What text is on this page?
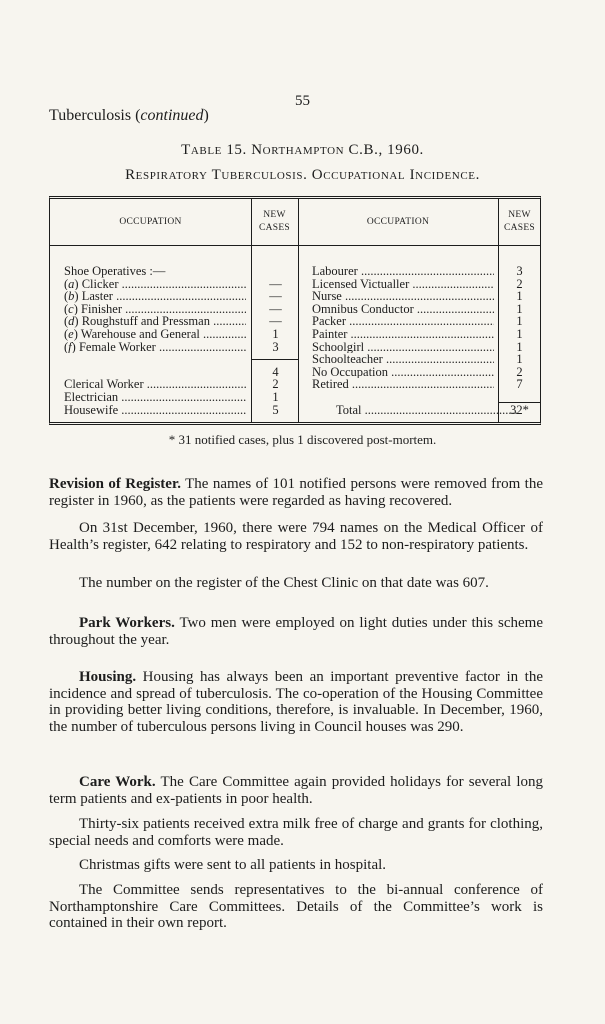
55
Tuberculosis (continued)
Table 15. Northampton C.B., 1960.
Respiratory Tuberculosis. Occupational Incidence.
OCCUPATION
NEW
CASES
OCCUPATION
NEW
CASES
Shoe Operatives :—
(a) Clicker .....	—
(b) Laster .....	—
(c) Finisher .....	—
(d) Roughstuff and Pressman .....	—
(e) Warehouse and General .....	1
(f) Female Worker .....	3
4
Clerical Worker .....	2
Electrician .....	1
Housewife .....	5
Labourer .....	3
Licensed Victualler .....	2
Nurse .....	1
Omnibus Conductor .....	1
Packer .....	1
Painter .....	1
Schoolgirl .....	1
Schoolteacher .....	1
No Occupation .....	2
Retired .....	7
Total .....	32*
* 31 notified cases, plus 1 discovered post-mortem.
Revision of Register. The names of 101 notified persons were removed from the register in 1960, as the patients were regarded as having recovered.
On 31st December, 1960, there were 794 names on the Medical Officer of Health’s register, 642 relating to respiratory and 152 to non-respiratory patients.
The number on the register of the Chest Clinic on that date was 607.
Park Workers. Two men were employed on light duties under this scheme throughout the year.
Housing. Housing has always been an important preventive factor in the incidence and spread of tuberculosis. The co-operation of the Housing Committee in providing better living conditions, therefore, is invaluable. In December, 1960, the number of tuberculous persons living in Council houses was 290.
Care Work. The Care Committee again provided holidays for several long term patients and ex-patients in poor health.
Thirty-six patients received extra milk free of charge and grants for clothing, special needs and comforts were made.
Christmas gifts were sent to all patients in hospital.
The Committee sends representatives to the bi-annual conference of Northamptonshire Care Committees. Details of the Committee’s work is contained in their own report.
